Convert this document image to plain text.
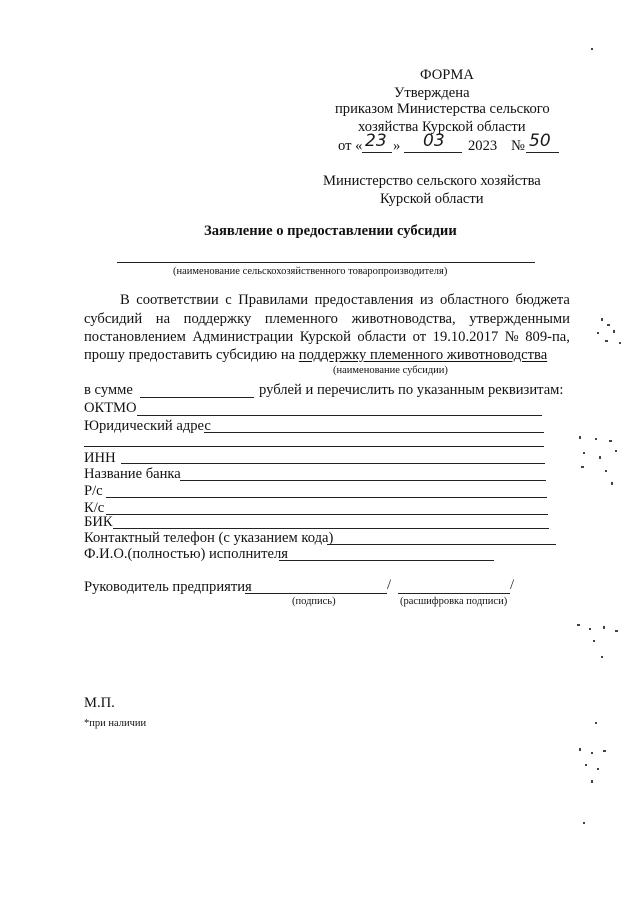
ФОРМА
Утверждена
приказом Министерства сельского
хозяйства Курской области
от « 23 » 03 2023 № 50
Министерство сельского хозяйства
Курской области
Заявление о предоставлении субсидии
(наименование сельскохозяйственного товаропроизводителя)
В соответствии с Правилами предоставления из областного бюджета
субсидий на поддержку племенного животноводства, утвержденными
постановлением Администрации Курской области от 19.10.2017 № 809-па,
прошу предоставить субсидию на поддержку племенного животноводства
(наименование субсидии)
в сумме	рублей и перечислить по указанным реквизитам:
ОКТМО
Юридический адрес
ИНН
Название банка
Р/с
К/с
БИК
Контактный телефон (с указанием кода)
Ф.И.О.(полностью) исполнителя
Руководитель предприятия	/	/
(подпись)	(расшифровка подписи)
М.П.
*при наличии
